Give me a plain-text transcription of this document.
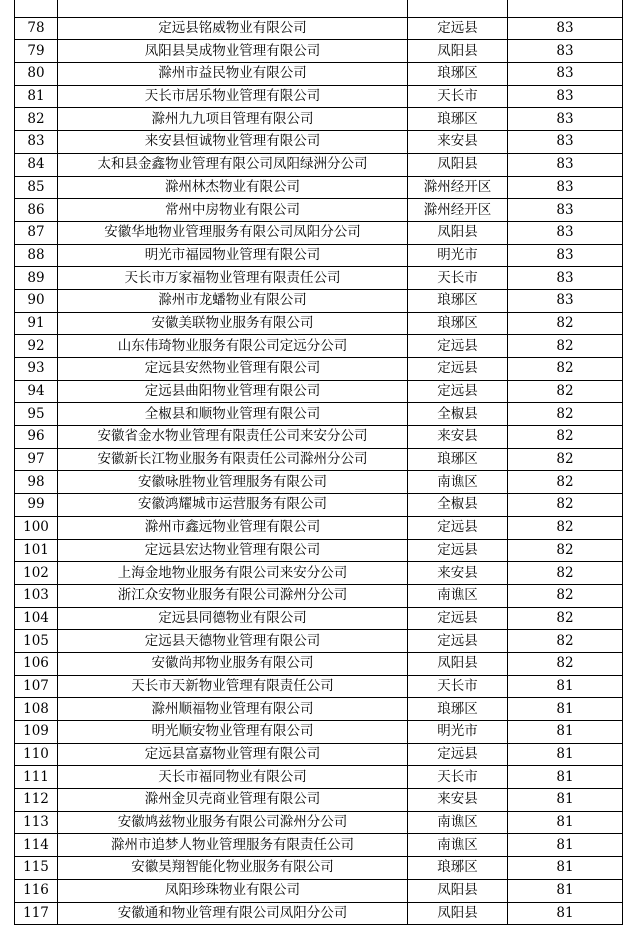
78	定远县铭威物业有限公司	定远县	83
79	凤阳县昊成物业管理有限公司	凤阳县	83
80	滁州市益民物业有限公司	琅琊区	83
81	天长市居乐物业管理有限公司	天长市	83
82	滁州九九项目管理有限公司	琅琊区	83
83	来安县恒诚物业管理有限公司	来安县	83
84	太和县金鑫物业管理有限公司凤阳绿洲分公司	凤阳县	83
85	滁州林杰物业有限公司	滁州经开区	83
86	常州中房物业有限公司	滁州经开区	83
87	安徽华地物业管理服务有限公司凤阳分公司	凤阳县	83
88	明光市福园物业管理有限公司	明光市	83
89	天长市万家福物业管理有限责任公司	天长市	83
90	滁州市龙蟠物业有限公司	琅琊区	83
91	安徽美联物业服务有限公司	琅琊区	82
92	山东伟琦物业服务有限公司定远分公司	定远县	82
93	定远县安然物业管理有限公司	定远县	82
94	定远县曲阳物业管理有限公司	定远县	82
95	全椒县和顺物业管理有限公司	全椒县	82
96	安徽省金水物业管理有限责任公司来安分公司	来安县	82
97	安徽新长江物业服务有限责任公司滁州分公司	琅琊区	82
98	安徽咏胜物业管理服务有限公司	南谯区	82
99	安徽鸿耀城市运营服务有限公司	全椒县	82
100	滁州市鑫远物业管理有限公司	定远县	82
101	定远县宏达物业管理有限公司	定远县	82
102	上海金地物业服务有限公司来安分公司	来安县	82
103	浙江众安物业服务有限公司滁州分公司	南谯区	82
104	定远县同德物业有限公司	定远县	82
105	定远县天德物业管理有限公司	定远县	82
106	安徽尚邦物业服务有限公司	凤阳县	82
107	天长市天新物业管理有限责任公司	天长市	81
108	滁州顺福物业管理有限公司	琅琊区	81
109	明光顺安物业管理有限公司	明光市	81
110	定远县富嘉物业管理有限公司	定远县	81
111	天长市福同物业有限公司	天长市	81
112	滁州金贝壳商业管理有限公司	来安县	81
113	安徽鸠兹物业服务有限公司滁州分公司	南谯区	81
114	滁州市追梦人物业管理服务有限责任公司	南谯区	81
115	安徽昊翔智能化物业服务有限公司	琅琊区	81
116	凤阳珍珠物业有限公司	凤阳县	81
117	安徽通和物业管理有限公司凤阳分公司	凤阳县	81
